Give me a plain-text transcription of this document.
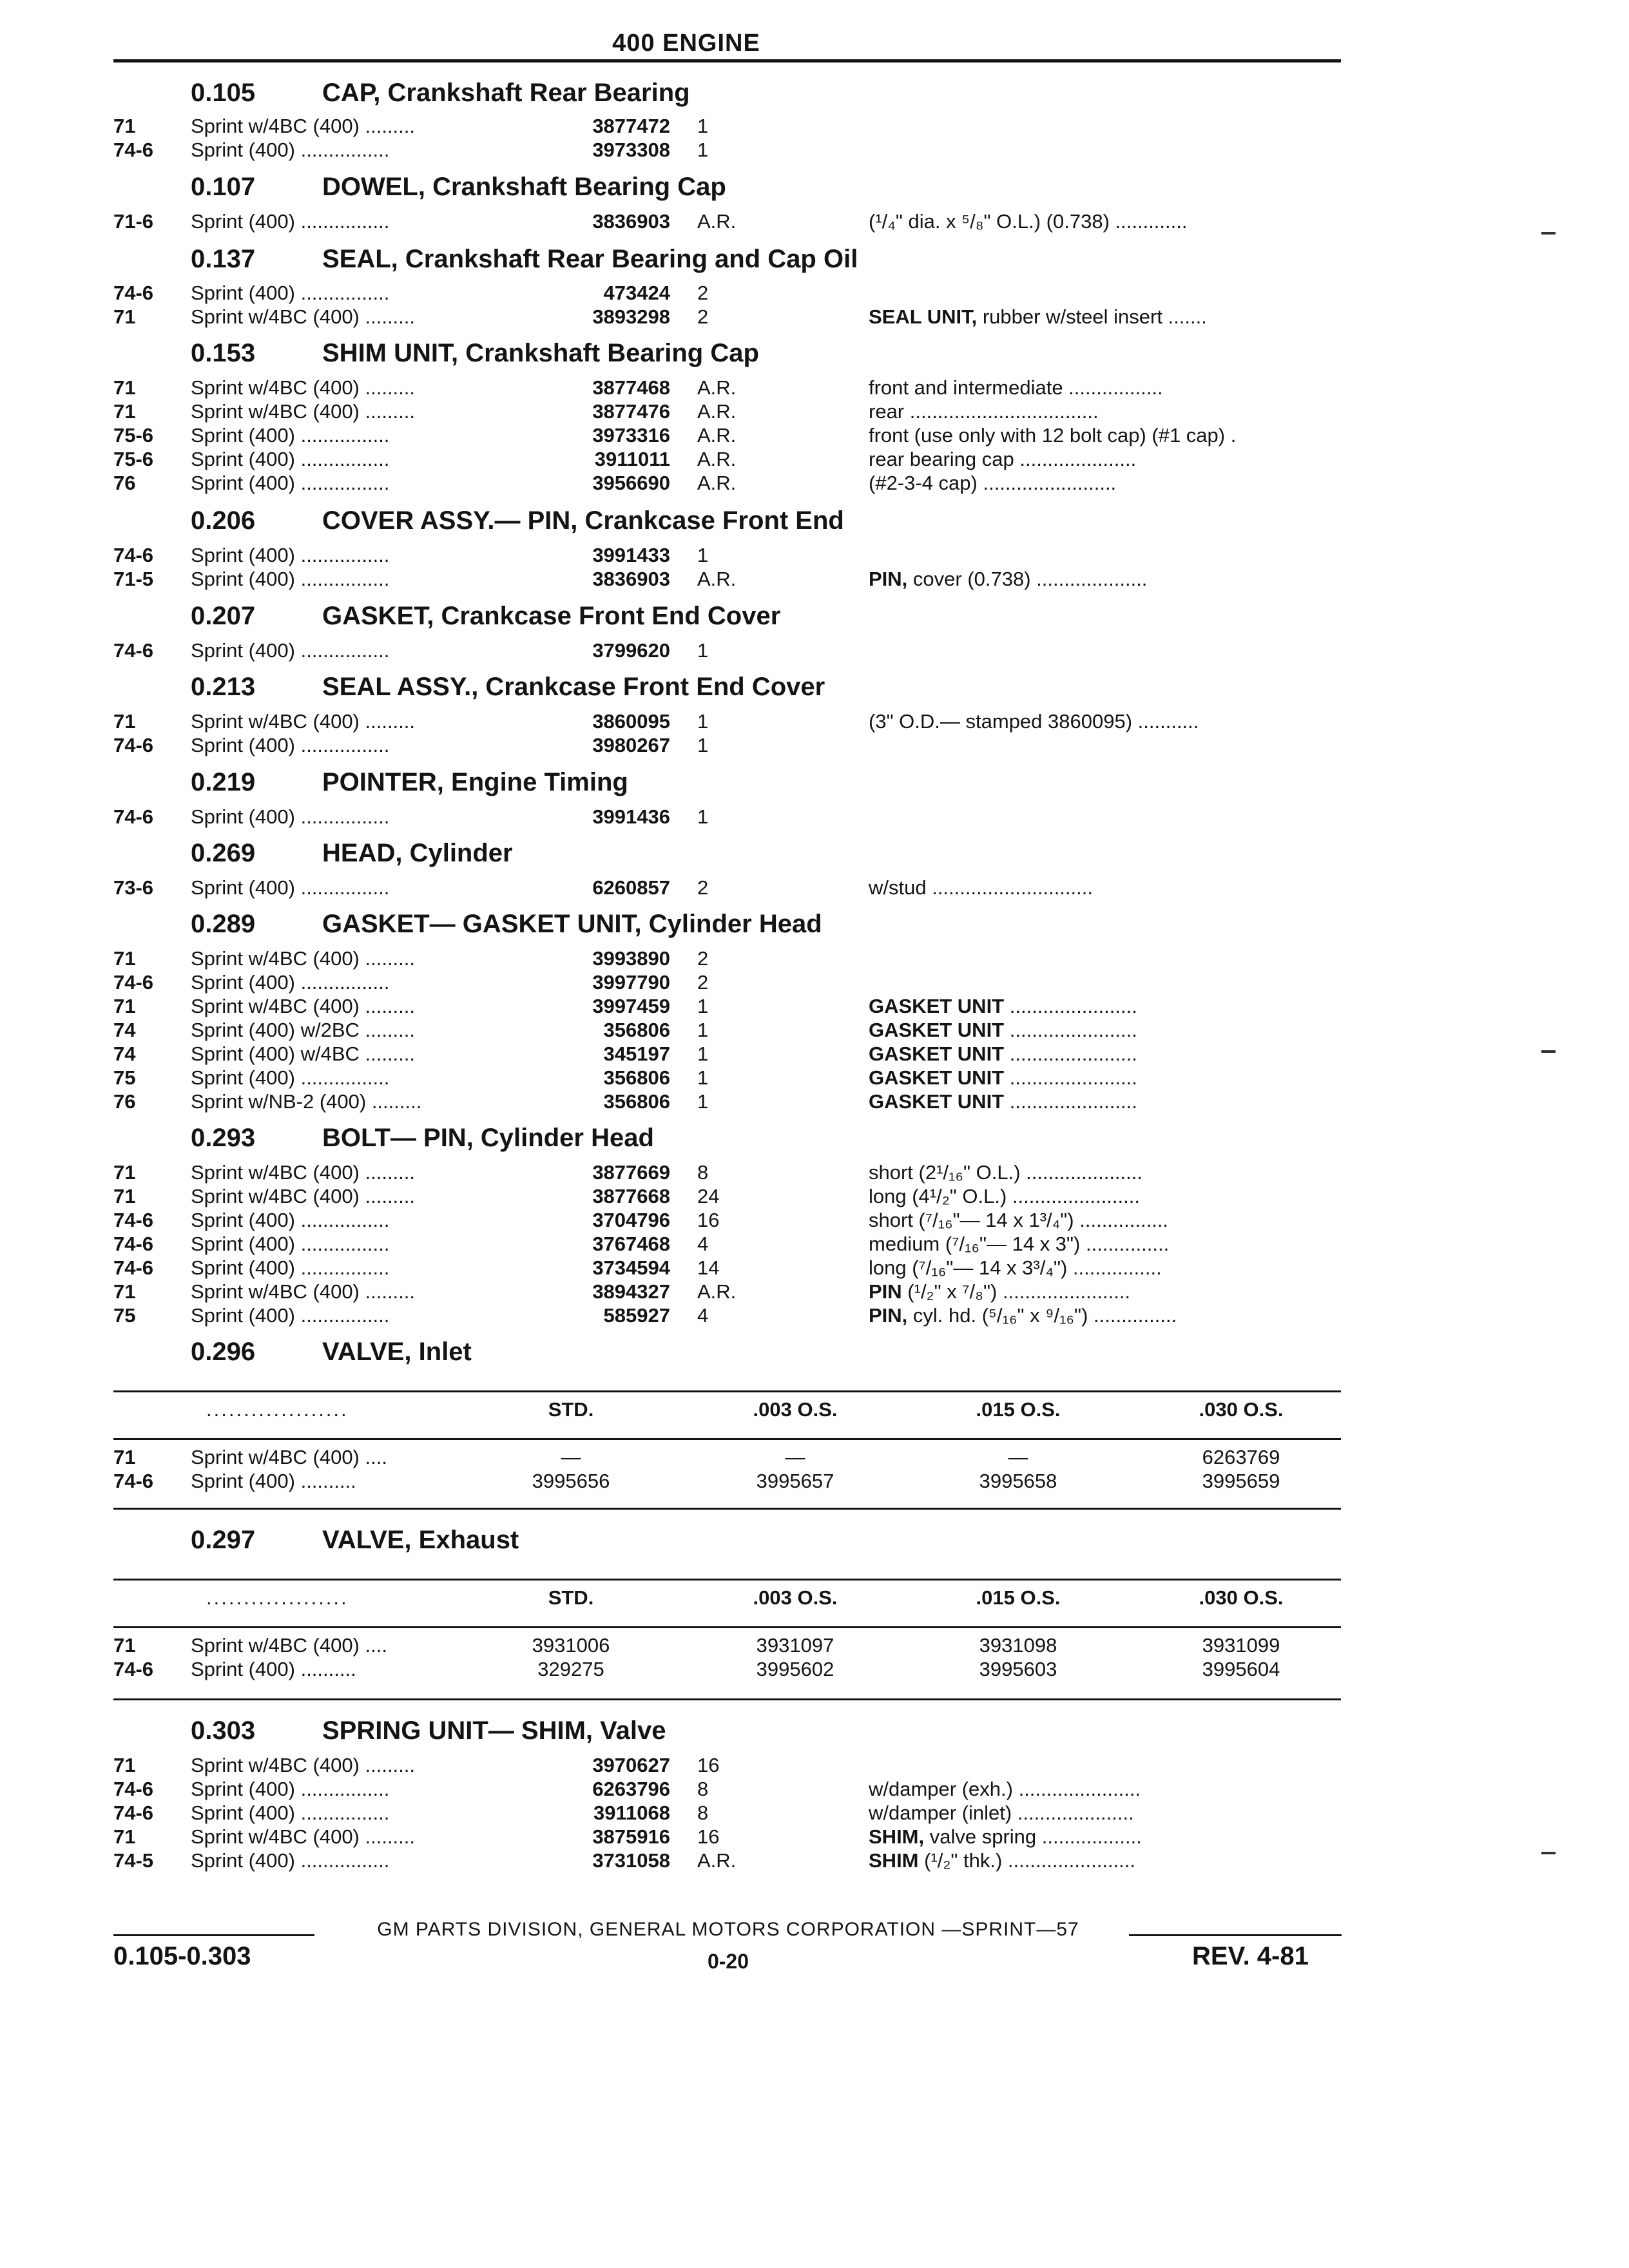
400 ENGINE
0.105	CAP, Crankshaft Rear Bearing
71	Sprint w/4BC (400) .........	3877472 1
74-6 Sprint (400) ................	3973308 1
0.107	DOWEL, Crankshaft Bearing Cap
71-6 Sprint (400) ................	3836903 A.R.	(¹/₄" dia. x ⁵/₈" O.L.) (0.738) .............
0.137	SEAL, Crankshaft Rear Bearing and Cap Oil
74-6 Sprint (400) ................	473424 2
71	Sprint w/4BC (400) .........	3893298 2	SEAL UNIT, rubber w/steel insert .......
0.153	SHIM UNIT, Crankshaft Bearing Cap
71	Sprint w/4BC (400) .........	3877468 A.R.	front and intermediate .................
71	Sprint w/4BC (400) .........	3877476 A.R.	rear ..................................
75-6 Sprint (400) ................	3973316 A.R.	front (use only with 12 bolt cap) (#1 cap) .
75-6 Sprint (400) ................	3911011 A.R.	rear bearing cap .....................
76	Sprint (400) ................	3956690 A.R.	(#2-3-4 cap) ........................
0.206	COVER ASSY.— PIN, Crankcase Front End
74-6 Sprint (400) ................	3991433 1
71-5 Sprint (400) ................	3836903 A.R.	PIN, cover (0.738) ....................
0.207	GASKET, Crankcase Front End Cover
74-6 Sprint (400) ................	3799620 1
0.213	SEAL ASSY., Crankcase Front End Cover
71	Sprint w/4BC (400) .........	3860095 1	(3" O.D.— stamped 3860095) ...........
74-6 Sprint (400) ................	3980267 1
0.219	POINTER, Engine Timing
74-6 Sprint (400) ................	3991436 1
0.269	HEAD, Cylinder
73-6 Sprint (400) ................	6260857 2	w/stud .............................
0.289	GASKET— GASKET UNIT, Cylinder Head
71	Sprint w/4BC (400) .........	3993890 2
74-6 Sprint (400) ................	3997790 2
71	Sprint w/4BC (400) .........	3997459 1	GASKET UNIT .......................
74	Sprint (400) w/2BC .........	356806 1	GASKET UNIT .......................
74	Sprint (400) w/4BC .........	345197 1	GASKET UNIT .......................
75	Sprint (400) ................	356806 1	GASKET UNIT .......................
76	Sprint w/NB-2 (400) .........	356806 1	GASKET UNIT .......................
0.293	BOLT— PIN, Cylinder Head
71	Sprint w/4BC (400) .........	3877669 8	short (2¹/₁₆" O.L.) .....................
71	Sprint w/4BC (400) .........	3877668 24	long (4¹/₂" O.L.) .......................
74-6 Sprint (400) ................	3704796 16	short (⁷/₁₆"— 14 x 1³/₄") ................
74-6 Sprint (400) ................	3767468 4	medium (⁷/₁₆"— 14 x 3") ...............
74-6 Sprint (400) ................	3734594 14	long (⁷/₁₆"— 14 x 3³/₄") ................
71	Sprint w/4BC (400) .........	3894327 A.R.	PIN (¹/₂" x ⁷/₈") .......................
75	Sprint (400) ................	585927 4	PIN, cyl. hd. (⁵/₁₆" x ⁹/₁₆") ...............
0.296	VALVE, Inlet
...................	STD.	.003 O.S.	.015 O.S.	.030 O.S.
71	Sprint w/4BC (400) ....	—	—	—	6263769
74-6 Sprint (400) ..........	3995656	3995657	3995658	3995659
0.297	VALVE, Exhaust
...................	STD.	.003 O.S.	.015 O.S.	.030 O.S.
71	Sprint w/4BC (400) ....	3931006	3931097	3931098	3931099
74-6 Sprint (400) ..........	329275	3995602	3995603	3995604
0.303	SPRING UNIT— SHIM, Valve
71	Sprint w/4BC (400) .........	3970627 16
74-6 Sprint (400) ................	6263796 8	w/damper (exh.) ......................
74-6 Sprint (400) ................	3911068 8	w/damper (inlet) .....................
71	Sprint w/4BC (400) .........	3875916 16	SHIM, valve spring ..................
74-5 Sprint (400) ................	3731058 A.R.	SHIM (¹/₂" thk.) .......................
GM PARTS DIVISION, GENERAL MOTORS CORPORATION —SPRINT—57
0.105-0.303	0-20	REV. 4-81
